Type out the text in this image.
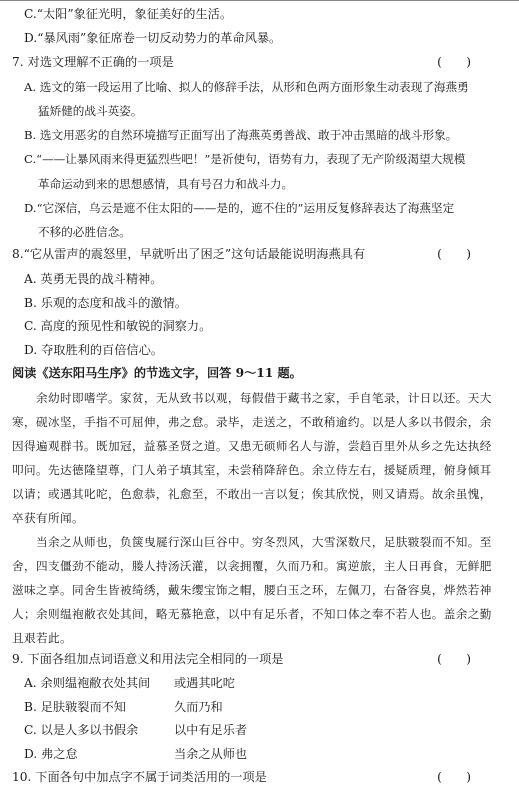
C.“太阳”象征光明，象征美好的生活。
D.“暴风雨”象征席卷一切反动势力的革命风暴。
7. 对选文理解不正确的一项是	(　　)
A. 选文的第一段运用了比喻、拟人的修辞手法，从形和色两方面形象生动表现了海燕勇
猛矫健的战斗英姿。
B. 选文用恶劣的自然环境描写正面写出了海燕英勇善战、敢于冲击黑暗的战斗形象。
C.“——让暴风雨来得更猛烈些吧！”是祈使句，语势有力，表现了无产阶级渴望大规模
革命运动到来的思想感情，具有号召力和战斗力。
D.“它深信，乌云是遮不住太阳的——是的，遮不住的”运用反复修辞表达了海燕坚定
不移的必胜信念。
8.“它从雷声的震怒里，早就听出了困乏”这句话最能说明海燕具有	(　　)
A. 英勇无畏的战斗精神。
B. 乐观的态度和战斗的激情。
C. 高度的预见性和敏锐的洞察力。
D. 夺取胜利的百倍信心。
阅读《送东阳马生序》的节选文字，回答 9～11 题。
余幼时即嗜学。家贫，无从致书以观，每假借于藏书之家，手自笔录，计日以还。天大
寒，砚冰坚，手指不可屈伸，弗之怠。录毕，走送之，不敢稍逾约。以是人多以书假余，余
因得遍观群书。既加冠，益慕圣贤之道。又患无硕师名人与游，尝趋百里外从乡之先达执经
叩问。先达德隆望尊，门人弟子填其室，未尝稍降辞色。余立侍左右，援疑质理，俯身倾耳
以请；或遇其叱咜，色愈恭，礼愈至，不敢出一言以复；俟其欣悦，则又请焉。故余虽愧，
卒获有所闻。
当余之从师也，负箧曳屣行深山巨谷中。穷冬烈风，大雪深数尺，足肤皲裂而不知。至
舍，四支僵劲不能动，媵人持汤沃灌，以衾拥覆，久而乃和。寓逆旅，主人日再食，无鲜肥
滋味之享。同舍生皆被绮绣，戴朱缨宝饰之帽，腰白玉之环，左佩刀，右备容臭，烨然若神
人；余则缊袍敝衣处其间，略无慕艳意，以中有足乐者，不知口体之奉不若人也。盖余之勤
且艰若此。
9. 下面各组加点词语意义和用法完全相同的一项是	(　　)
A. 余则缊袍敝衣处其间 或遇其叱咜
B. 足肤皲裂而不知	久而乃和
C. 以是人多以书假余	以中有足乐者
D. 弗之怠	当余之从师也
10. 下面各句中加点字不属于词类活用的一项是	(　　)
